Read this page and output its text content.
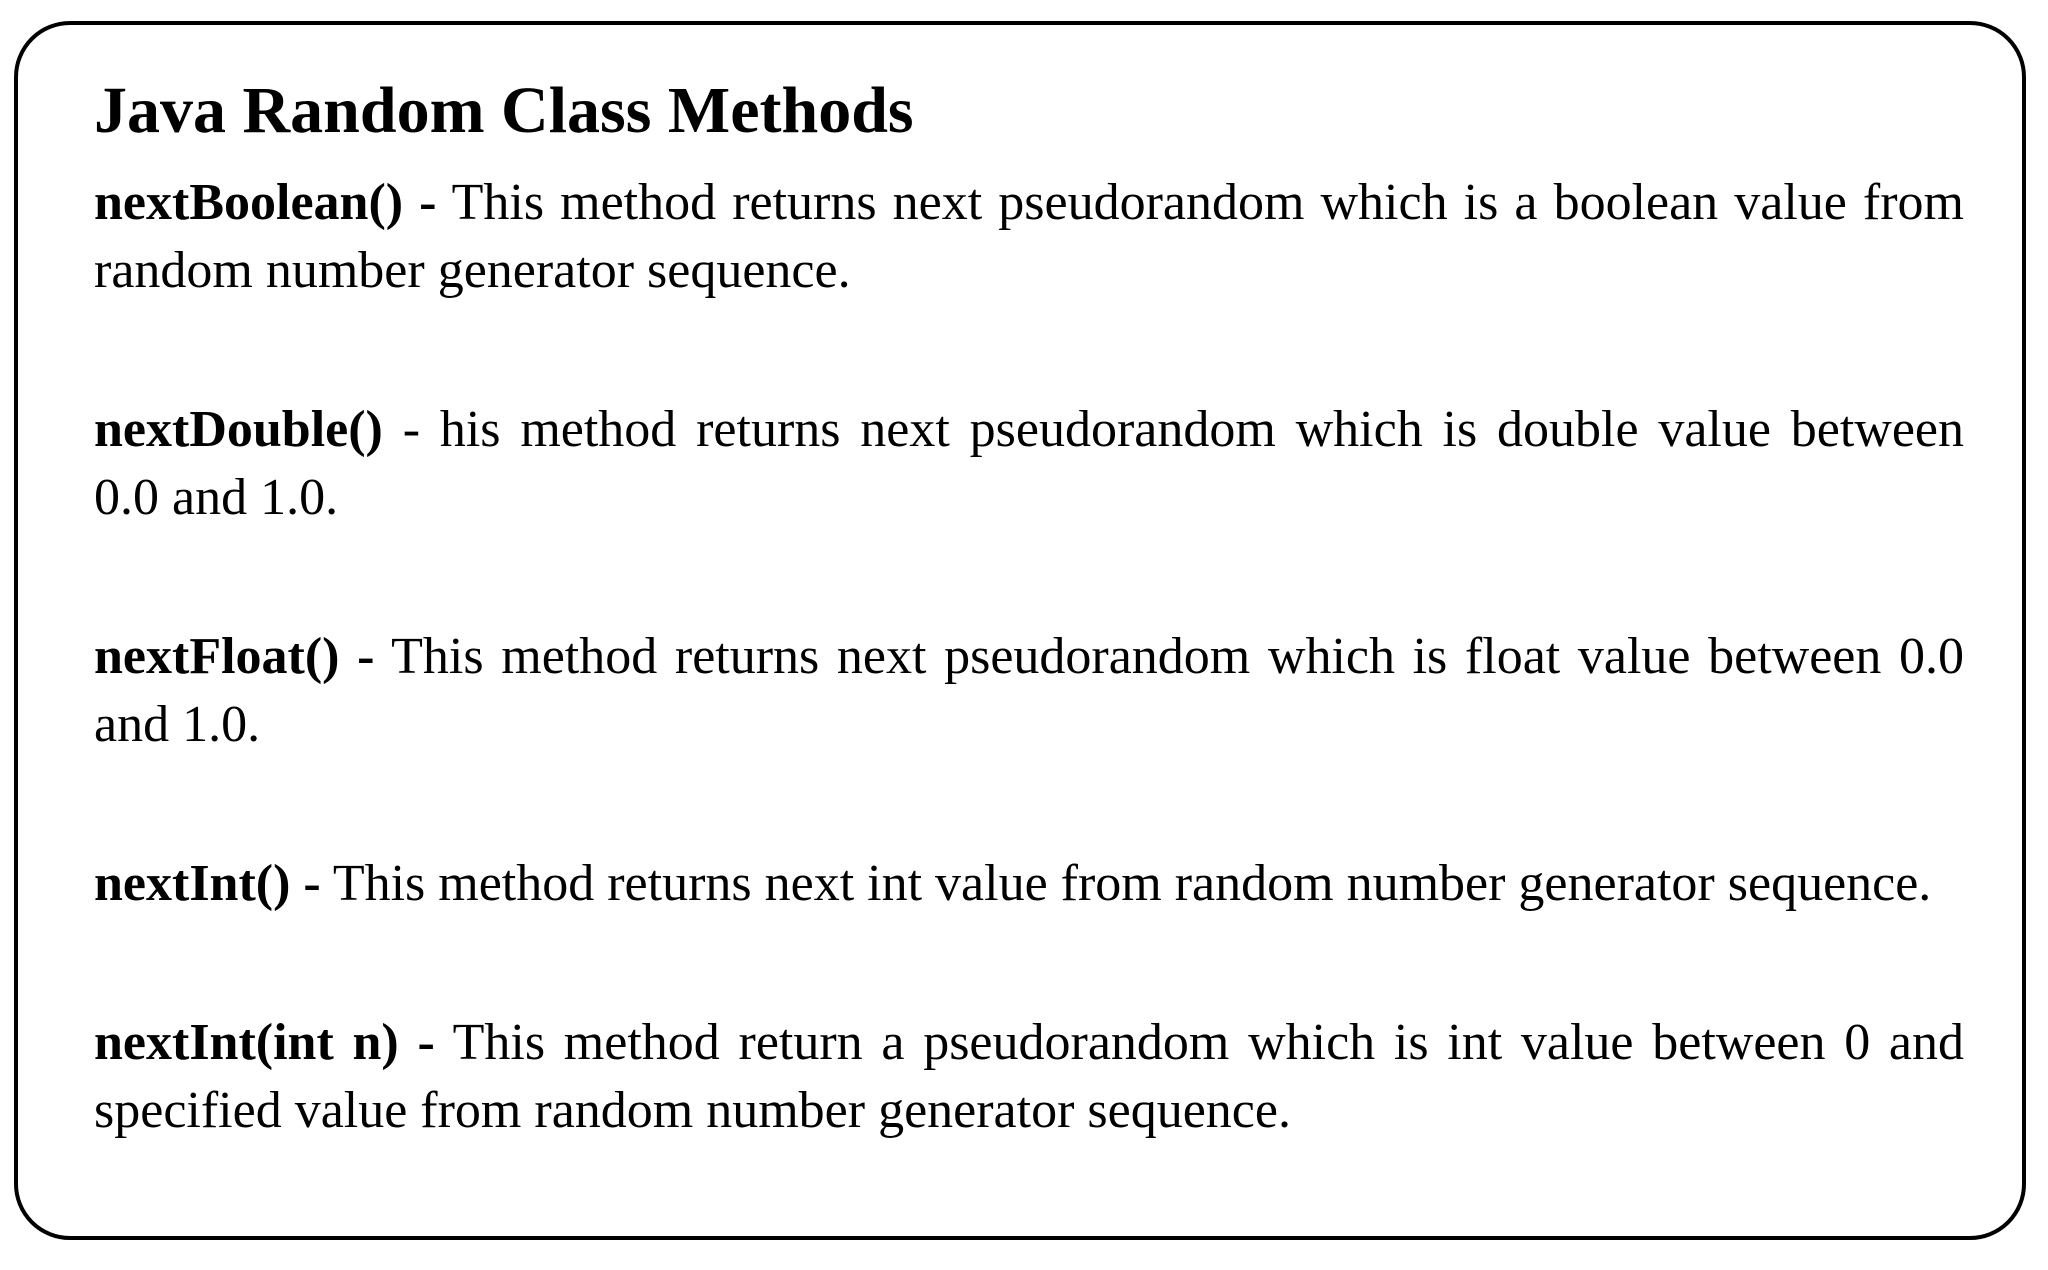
Java Random Class Methods

nextBoolean() - This method returns next pseudorandom which is a boolean value from random number generator sequence.

nextDouble() - his method returns next pseudorandom which is double value between 0.0 and 1.0.

nextFloat() - This method returns next pseudorandom which is float value between 0.0 and 1.0.

nextInt() - This method returns next int value from random number generator sequence.

nextInt(int n) - This method return a pseudorandom which is int value between 0 and specified value from random number generator sequence.
